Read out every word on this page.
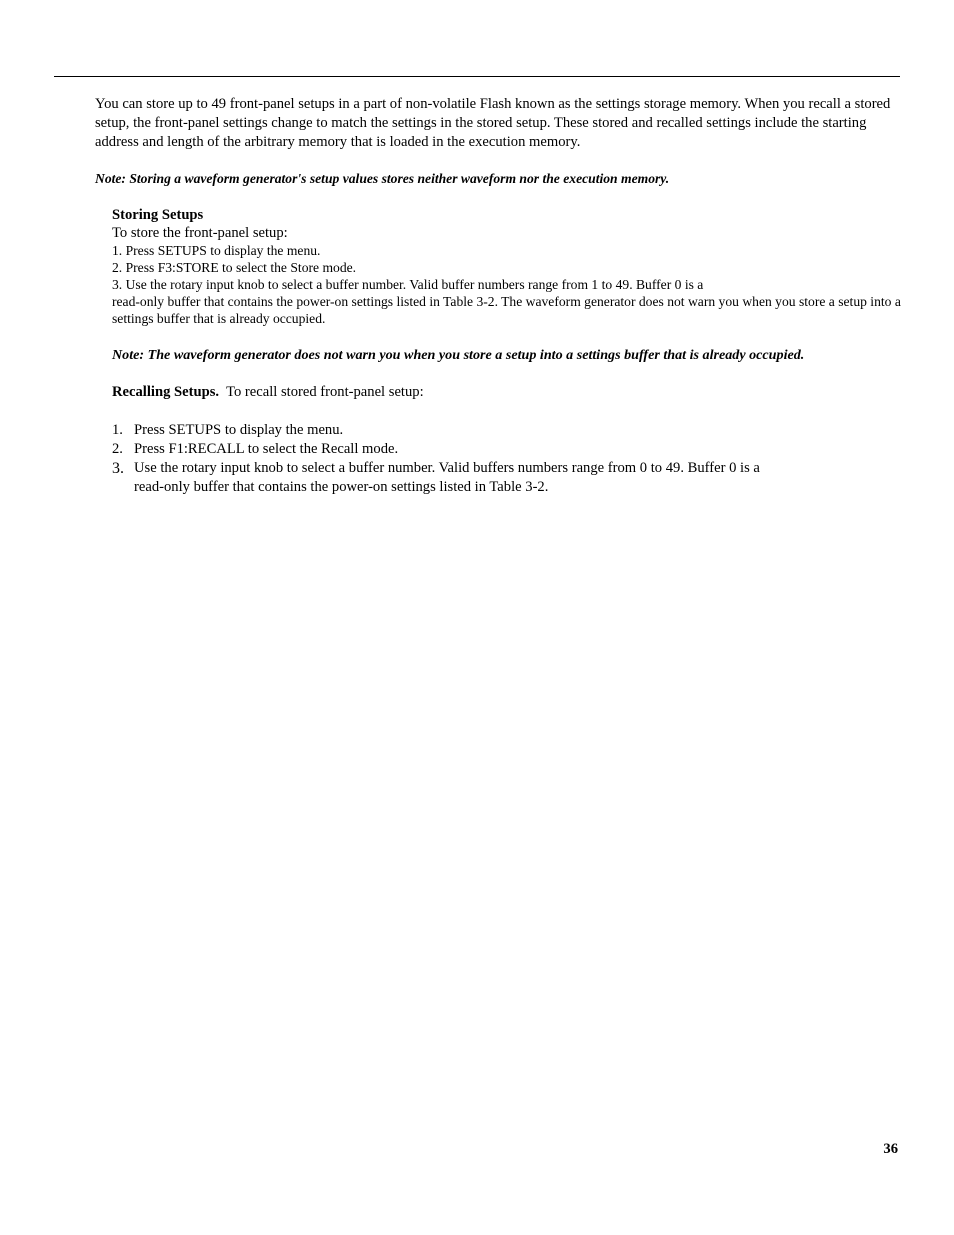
You can store up to 49 front-panel setups in a part of non-volatile Flash known as the settings storage memory. When you recall a stored setup, the front-panel settings change to match the settings in the stored setup. These stored and recalled settings include the starting address and length of the arbitrary memory that is loaded in the execution memory.
Note: Storing a waveform generator's setup values stores neither waveform nor the execution memory.
Storing Setups
To store the front-panel setup:
1. Press SETUPS to display the menu.
2. Press F3:STORE to select the Store mode.
3. Use the rotary input knob to select a buffer number. Valid buffer numbers range from 1 to 49. Buffer 0 is a
read-only buffer that contains the power-on settings listed in Table 3-2. The waveform generator does not warn you when you store a setup into a settings buffer that is already occupied.
Note: The waveform generator does not warn you when you store a setup into a settings buffer that is already occupied.
Recalling Setups. To recall stored front-panel setup:
1. Press SETUPS to display the menu.
2. Press F1:RECALL to select the Recall mode.
3. Use the rotary input knob to select a buffer number. Valid buffers numbers range from 0 to 49. Buffer 0 is a
read-only buffer that contains the power-on settings listed in Table 3-2.
36
